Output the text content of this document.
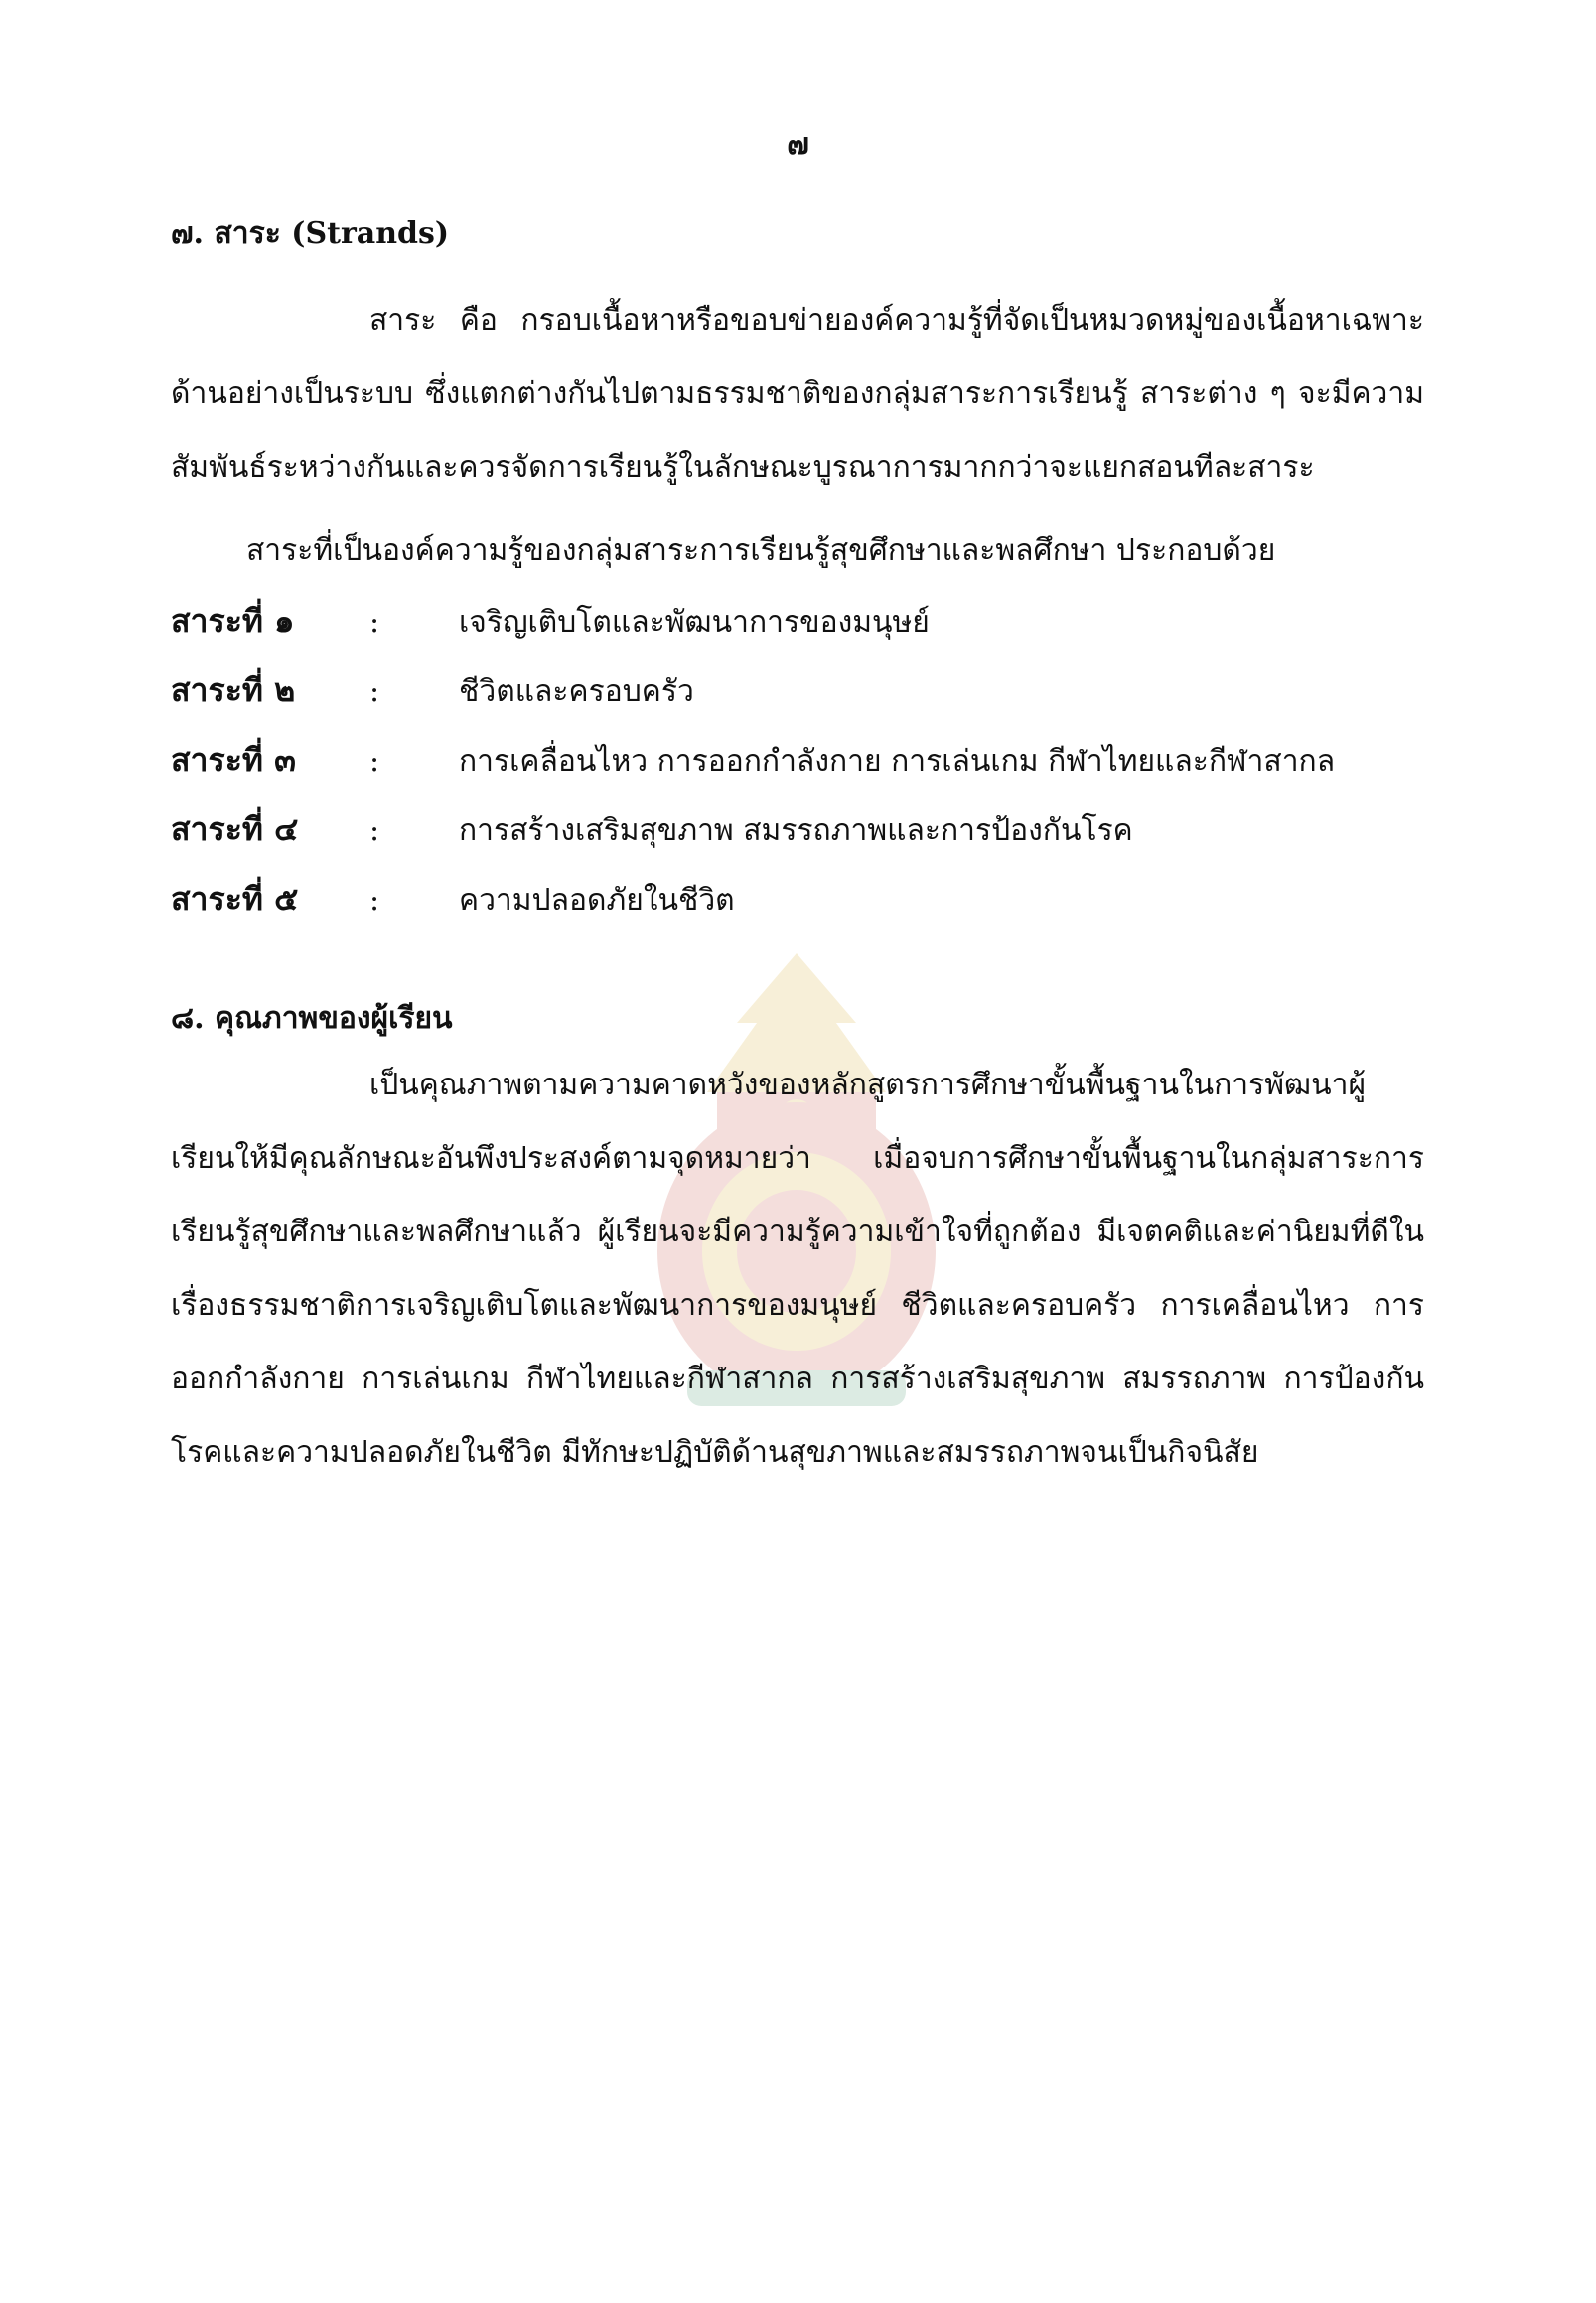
๗

๗. สาระ (Strands)

สาระ คือ กรอบเนื้อหาหรือขอบข่ายองค์ความรู้ที่จัดเป็นหมวดหมู่ของเนื้อหาเฉพาะด้านอย่างเป็นระบบ ซึ่งแตกต่างกันไปตามธรรมชาติของกลุ่มสาระการเรียนรู้ สาระต่าง ๆ จะมีความสัมพันธ์ระหว่างกันและควรจัดการเรียนรู้ในลักษณะบูรณาการมากกว่าจะแยกสอนทีละสาระ

สาระที่เป็นองค์ความรู้ของกลุ่มสาระการเรียนรู้สุขศึกษาและพลศึกษา ประกอบด้วย

สาระที่ ๑	:	เจริญเติบโตและพัฒนาการของมนุษย์
สาระที่ ๒	:	ชีวิตและครอบครัว
สาระที่ ๓	:	การเคลื่อนไหว การออกกำลังกาย การเล่นเกม กีฬาไทยและกีฬาสากล
สาระที่ ๔	:	การสร้างเสริมสุขภาพ สมรรถภาพและการป้องกันโรค
สาระที่ ๕	:	ความปลอดภัยในชีวิต

๘. คุณภาพของผู้เรียน

เป็นคุณภาพตามความคาดหวังของหลักสูตรการศึกษาขั้นพื้นฐานในการพัฒนาผู้เรียนให้มีคุณลักษณะอันพึงประสงค์ตามจุดหมายว่า เมื่อจบการศึกษาขั้นพื้นฐานในกลุ่มสาระการเรียนรู้สุขศึกษาและพลศึกษาแล้ว ผู้เรียนจะมีความรู้ความเข้าใจที่ถูกต้อง มีเจตคติและค่านิยมที่ดีในเรื่องธรรมชาติการเจริญเติบโตและพัฒนาการของมนุษย์ ชีวิตและครอบครัว การเคลื่อนไหว การออกกำลังกาย การเล่นเกม กีฬาไทยและกีฬาสากล การสร้างเสริมสุขภาพ สมรรถภาพ การป้องกันโรคและความปลอดภัยในชีวิต มีทักษะปฏิบัติด้านสุขภาพและสมรรถภาพจนเป็นกิจนิสัย
